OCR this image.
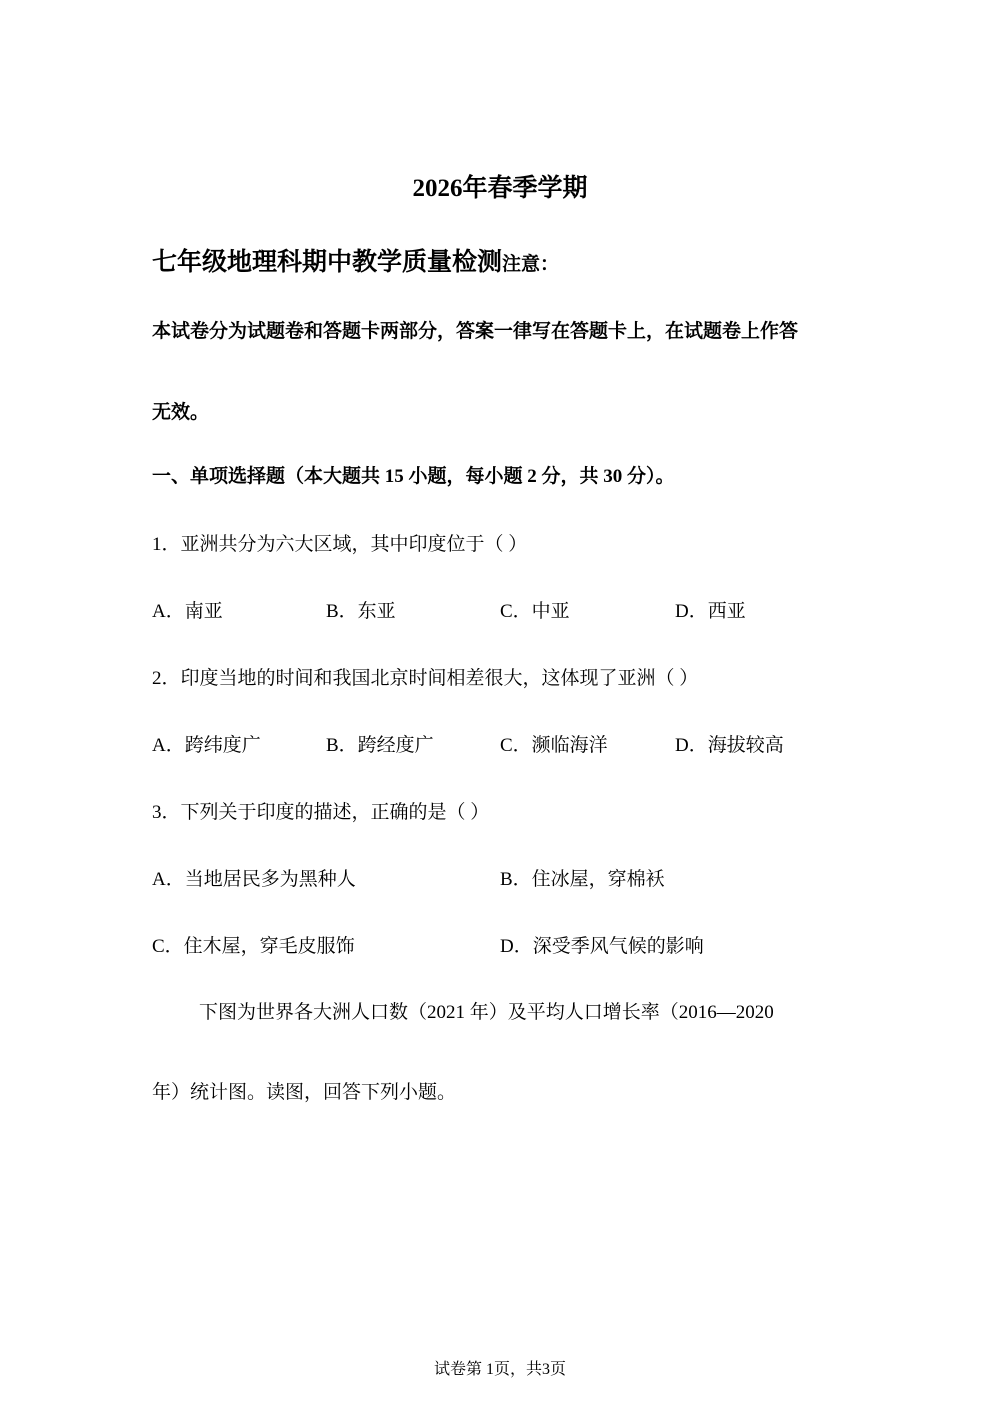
2026年春季学期
七年级地理科期中教学质量检测注意：
本试卷分为试题卷和答题卡两部分，答案一律写在答题卡上，在试题卷上作答
无效。
一、单项选择题（本大题共 15 小题，每小题 2 分，共 30 分）。
1．亚洲共分为六大区域，其中印度位于（ ）
A．南亚	B．东亚	C．中亚	D．西亚
2．印度当地的时间和我国北京时间相差很大，这体现了亚洲（ ）
A．跨纬度广	B．跨经度广	C．濒临海洋	D．海拔较高
3．下列关于印度的描述，正确的是（ ）
A．当地居民多为黑种人	B．住冰屋，穿棉袄
C．住木屋，穿毛皮服饰	D．深受季风气候的影响
下图为世界各大洲人口数（2021 年）及平均人口增长率（2016—2020
年）统计图。读图，回答下列小题。
试卷第 1页，共3页
